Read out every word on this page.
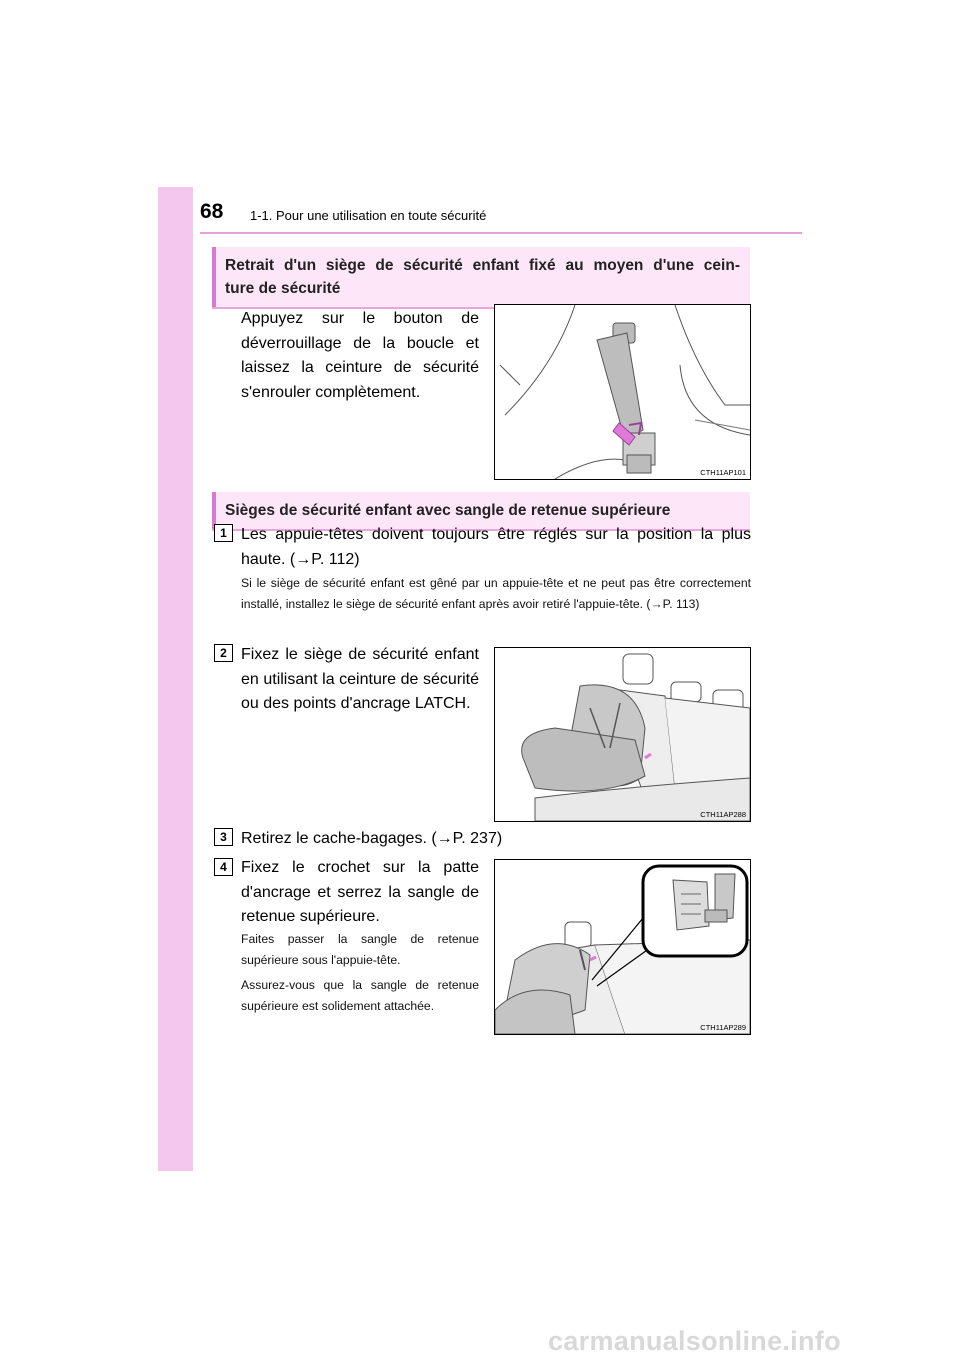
68 1-1. Pour une utilisation en toute sécurité
Retrait d'un siège de sécurité enfant fixé au moyen d'une cein-
ture de sécurité
Appuyez sur le bouton de déverrouillage de la boucle et laissez la ceinture de sécurité s'enrouler complètement.
CTH11AP101
Sièges de sécurité enfant avec sangle de retenue supérieure
1 Les appuie-têtes doivent toujours être réglés sur la position la plus haute. (→P. 112)
Si le siège de sécurité enfant est gêné par un appuie-tête et ne peut pas être correctement installé, installez le siège de sécurité enfant après avoir retiré l'appuie-tête. (→P. 113)
2 Fixez le siège de sécurité enfant en utilisant la ceinture de sécurité ou des points d'ancrage LATCH.
CTH11AP288
3 Retirez le cache-bagages. (→P. 237)
4 Fixez le crochet sur la patte d'ancrage et serrez la sangle de retenue supérieure.
Faites passer la sangle de retenue supérieure sous l'appuie-tête.
Assurez-vous que la sangle de retenue supérieure est solidement attachée.
CTH11AP289
carmanualsonline.info
